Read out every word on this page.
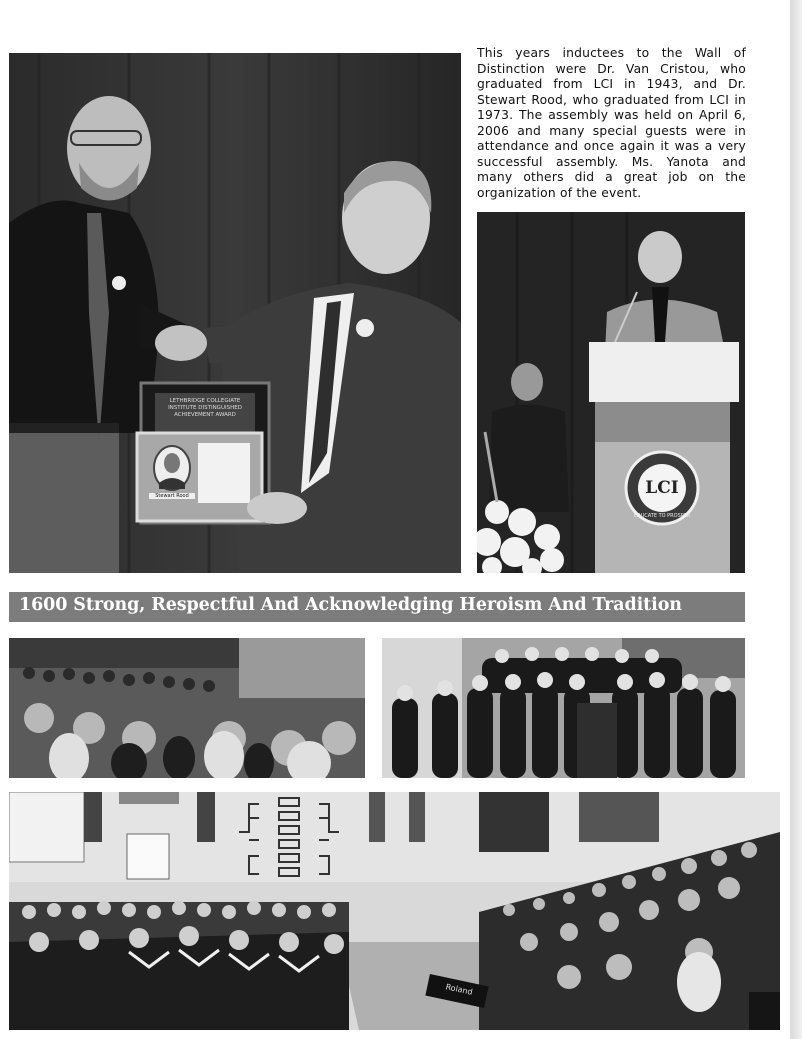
LETHBRIDGE COLLEGIATE INSTITUTE DISTINGUISHED ACHIEVEMENT AWARD
Stewart Rood

This years inductees to the Wall of Distinction were Dr. Van Cristou, who graduated from LCI in 1943, and Dr. Stewart Rood, who graduated from LCI in 1973. The assembly was held on April 6, 2006 and many special guests were in attendance and once again it was a very successful assembly. Ms. Yanota and many others did a great job on the organization of the event.

LCI
EDUCATE TO PROSPER
1600 Strong, Respectful And Acknowledging Heroism And Tradition
Roland
